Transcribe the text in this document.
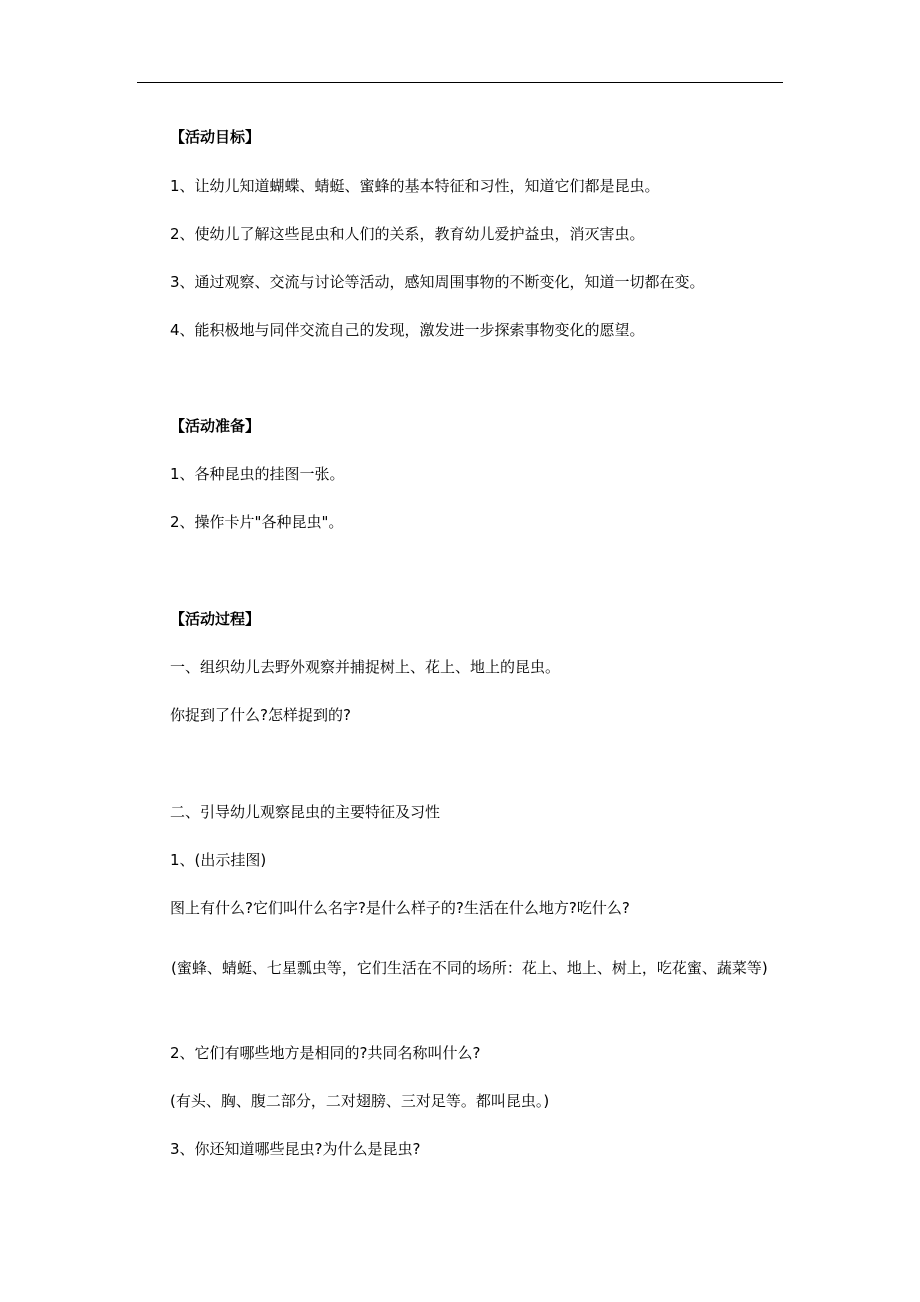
【活动目标】

1、让幼儿知道蝴蝶、蜻蜓、蜜蜂的基本特征和习性，知道它们都是昆虫。

2、使幼儿了解这些昆虫和人们的关系，教育幼儿爱护益虫，消灭害虫。

3、通过观察、交流与讨论等活动，感知周围事物的不断变化，知道一切都在变。

4、能积极地与同伴交流自己的发现，激发进一步探索事物变化的愿望。

【活动准备】

1、各种昆虫的挂图一张。

2、操作卡片"各种昆虫"。

【活动过程】

一、组织幼儿去野外观察并捕捉树上、花上、地上的昆虫。

你捉到了什么?怎样捉到的?

二、引导幼儿观察昆虫的主要特征及习性

1、(出示挂图)

图上有什么?它们叫什么名字?是什么样子的?生活在什么地方?吃什么?

(蜜蜂、蜻蜓、七星瓢虫等，它们生活在不同的场所：花上、地上、树上，吃花蜜、蔬菜等)

2、它们有哪些地方是相同的?共同名称叫什么?

(有头、胸、腹二部分，二对翅膀、三对足等。都叫昆虫。)

3、你还知道哪些昆虫?为什么是昆虫?
